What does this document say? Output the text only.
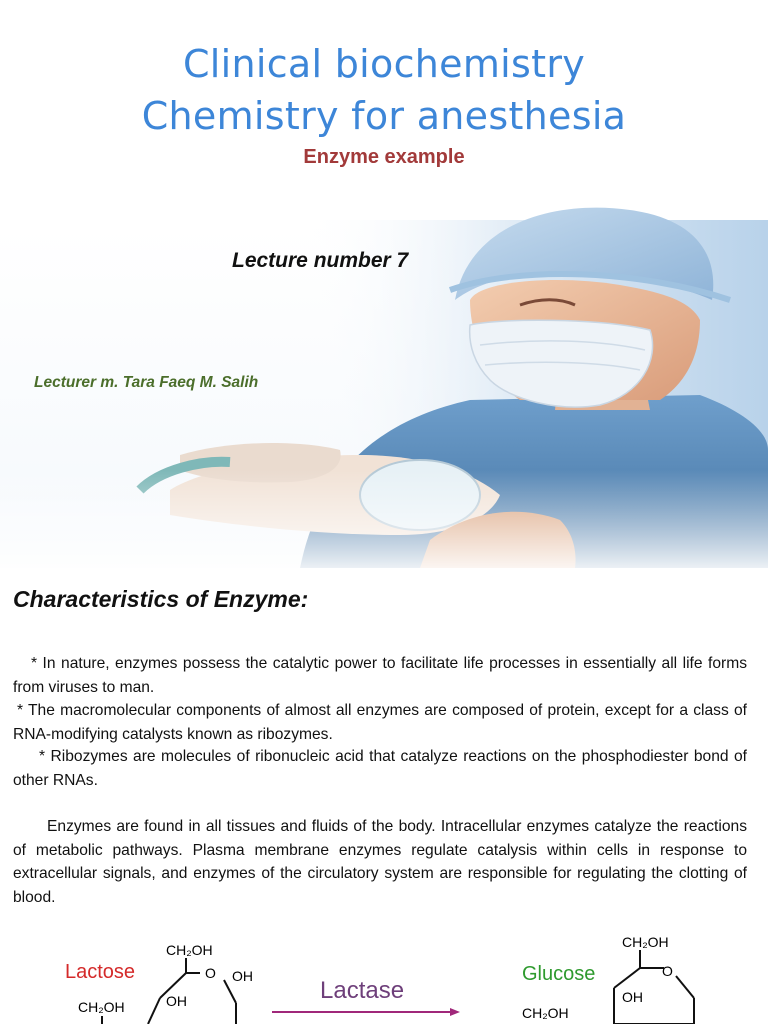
Clinical biochemistry
Chemistry for anesthesia
Enzyme example
Lecture number 7
Lecturer m. Tara Faeq M. Salih
Characteristics of Enzyme:

* In nature, enzymes possess the catalytic power to facilitate life processes in essentially all life forms from viruses to man.

* The macromolecular components of almost all enzymes are composed of protein, except for a class of RNA-modifying catalysts known as ribozymes.

* Ribozymes are molecules of ribonucleic acid that catalyze reactions on the phosphodiester bond of other RNAs.

Enzymes are found in all tissues and fluids of the body. Intracellular enzymes catalyze the reactions of metabolic pathways. Plasma membrane enzymes regulate catalysis within cells in response to extracellular signals, and enzymes of the circulatory system are responsible for regulating the clotting of blood.

Lactose
CH₂OH
O OH
OH
CH₂OH
Lactase
Glucose
CH₂OH
O
OH
CH₂OH
